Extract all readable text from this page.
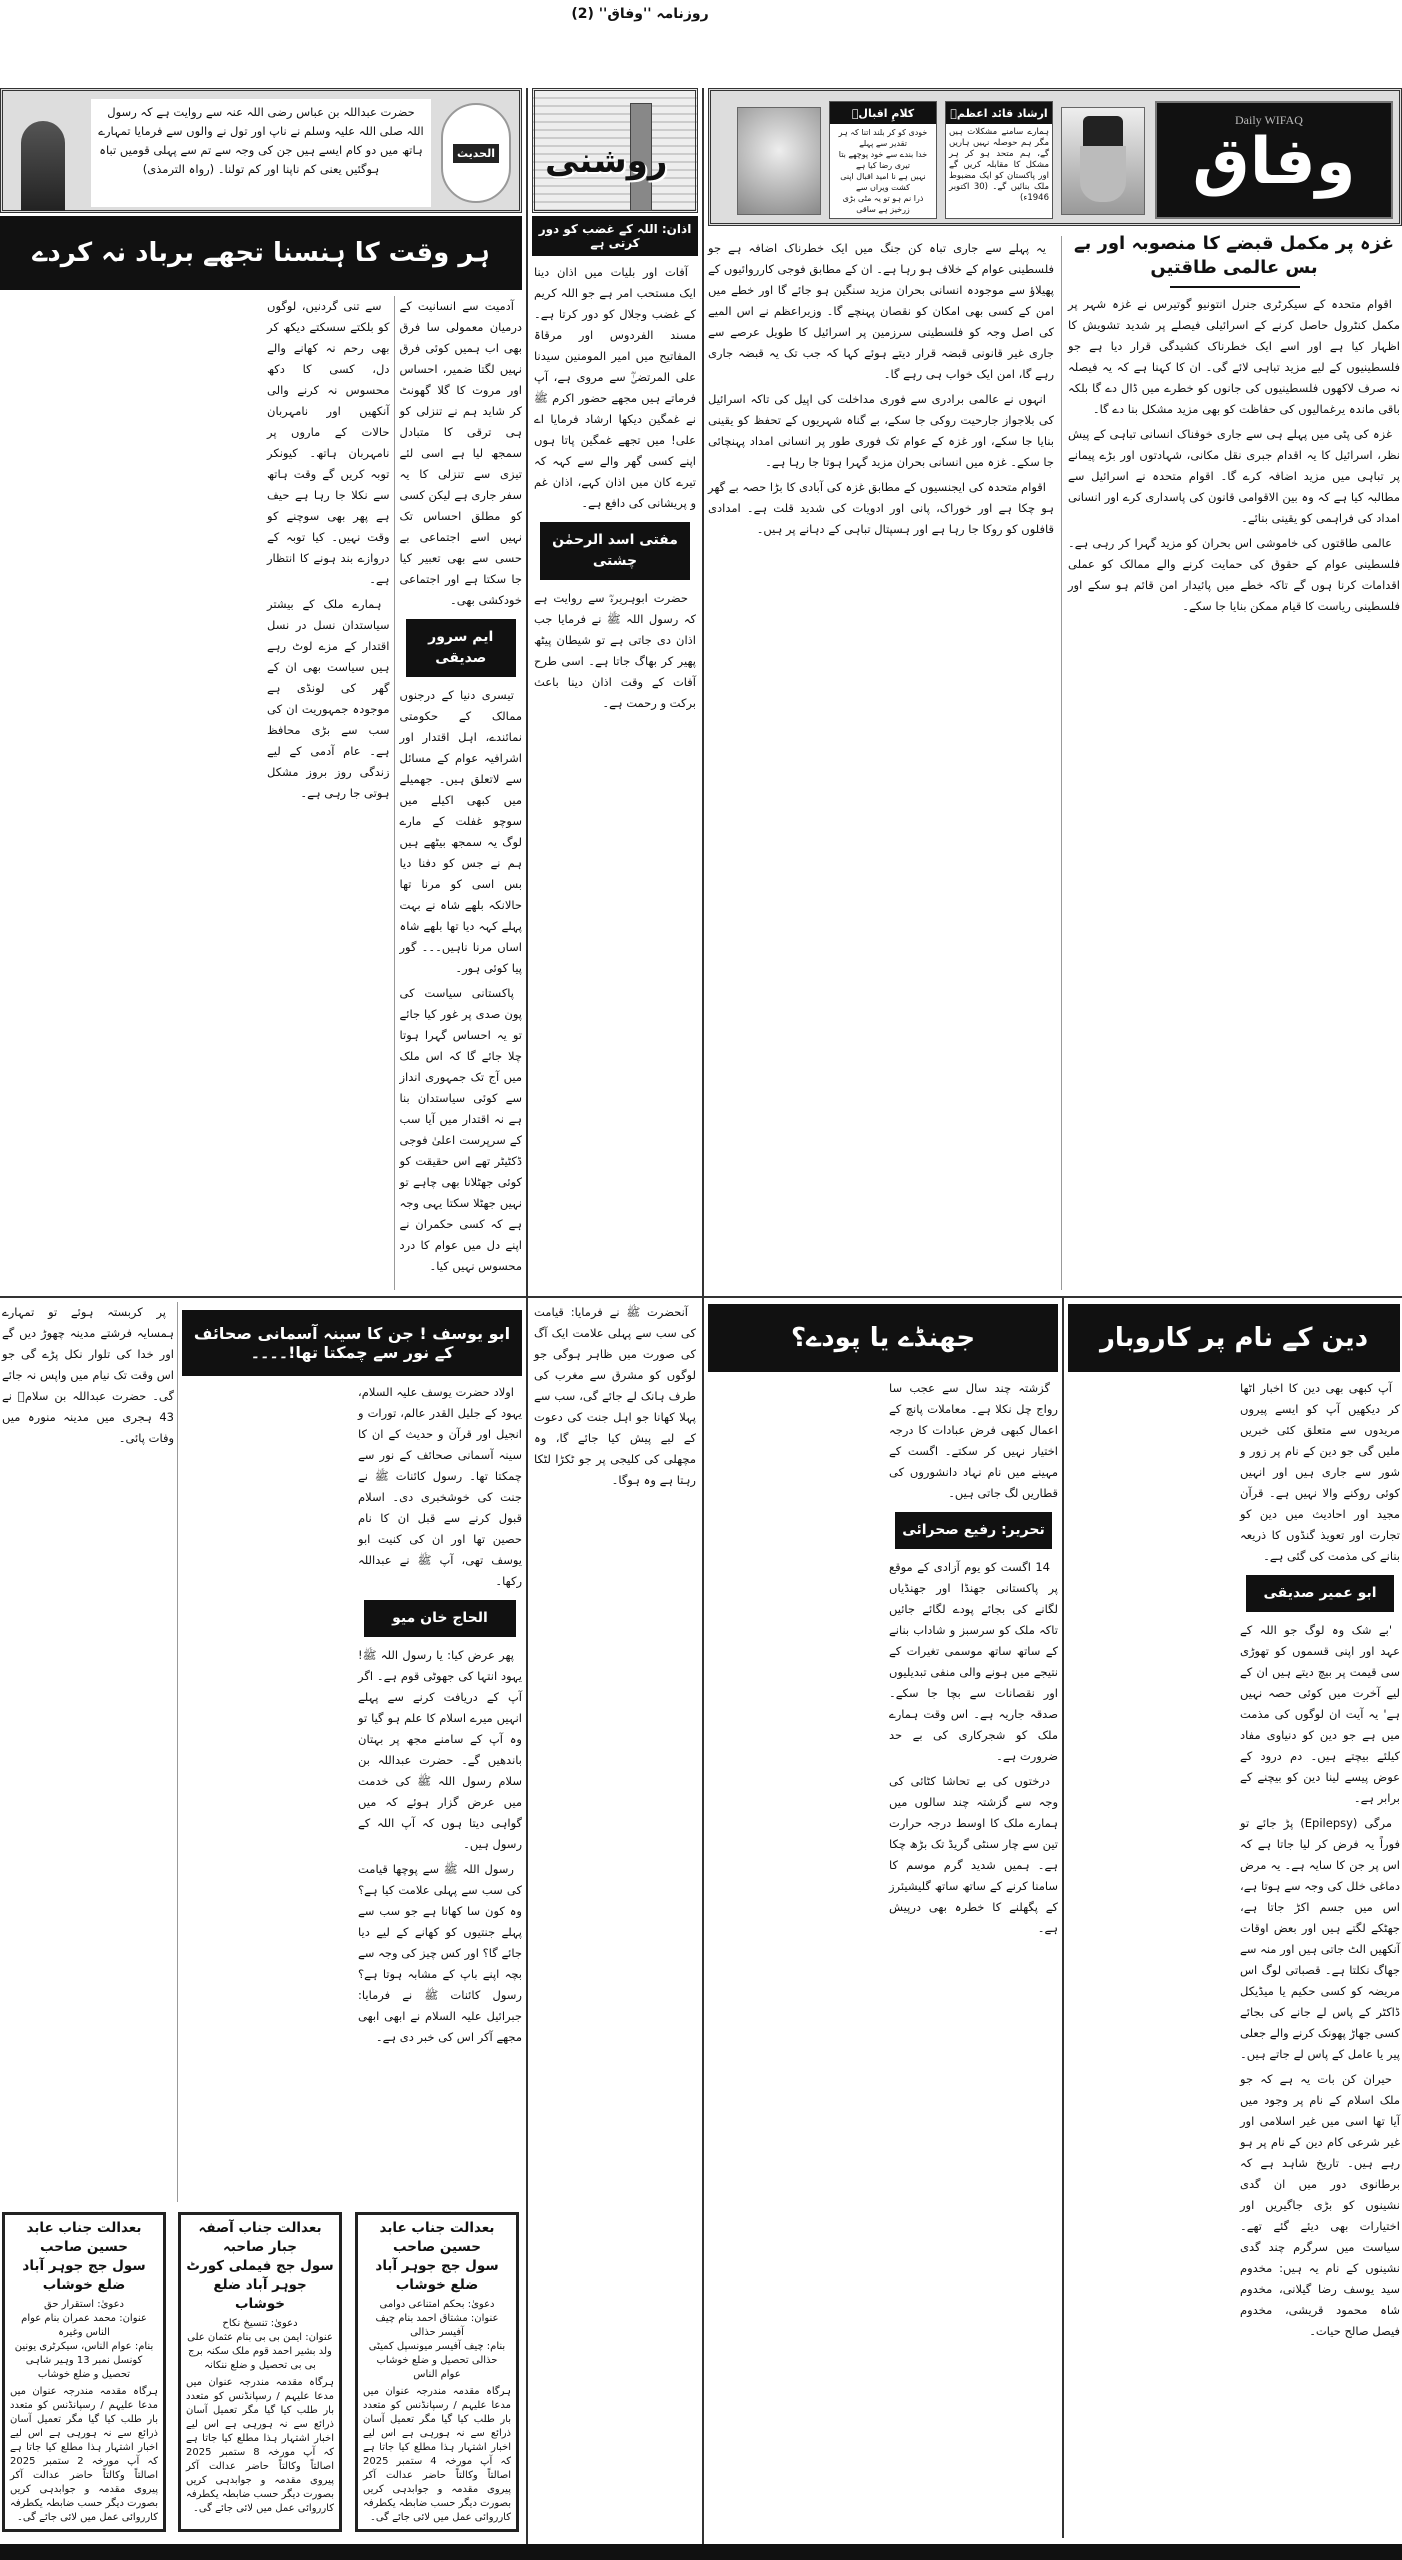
روزنامہ ''وفاق'' (2)
Daily WIFAQ
وفاق
ارشاد قائد اعظمؒ
ہمارے سامنے مشکلات ہیں مگر ہم حوصلہ نہیں ہاریں گے، ہم متحد ہو کر ہر مشکل کا مقابلہ کریں گے اور پاکستان کو ایک مضبوط ملک بنائیں گے۔ (30 اکتوبر 1946ء)
کلامِ اقبالؒ
خودی کو کر بلند اتنا کہ ہر تقدیر سے پہلے
خدا بندے سے خود پوچھے بتا تیری رضا کیا ہے
نہیں ہے نا امید اقبال اپنی کشت ویراں سے
ذرا نم ہو تو یہ مٹی بڑی زرخیز ہے ساقی
روشنی
الحدیث
حضرت عبداللہ بن عباس رضی اللہ عنہ سے روایت ہے کہ رسول اللہ صلی اللہ علیہ وسلم نے ناپ اور تول نے والوں سے فرمایا تمہارے ہاتھ میں دو کام ایسے ہیں جن کی وجہ سے تم سے پہلی قومیں تباہ ہوگئیں یعنی کم ناپنا اور کم تولنا۔ (رواہ الترمذی)
ہر وقت کا ہنسنا تجھے برباد نہ کردے

آدمیت سے انسانیت کے درمیان معمولی سا فرق بھی اب ہمیں کوئی فرق نہیں لگتا ضمیر، احساس اور مروت کا گلا گھونٹ کر شاید ہم نے تنزلی کو ہی ترقی کا متبادل سمجھ لیا ہے اسی لئے تیزی سے تنزلی کا یہ سفر جاری ہے لیکن کسی کو مطلق احساس تک نہیں اسے اجتماعی بے حسی سے بھی تعبیر کیا جا سکتا ہے اور اجتماعی خودکشی بھی۔

ایم سرور صدیقی

تیسری دنیا کے درجنوں ممالک کے حکومتی نمائندے، اہل اقتدار اور اشرافیہ عوام کے مسائل سے لاتعلق ہیں۔ جھمیلے میں کبھی اکیلے میں سوچو غفلت کے مارے لوگ یہ سمجھ بیٹھے ہیں ہم نے جس کو دفنا دیا بس اسی کو مرنا تھا حالانکہ بلھے شاہ نے بہت پہلے کہہ دیا تھا بلھے شاہ اساں مرنا ناہیں۔۔۔ گور پیا کوئی ہور۔

پاکستانی سیاست کی پون صدی پر غور کیا جائے تو یہ احساس گہرا ہوتا چلا جائے گا کہ اس ملک میں آج تک جمہوری انداز سے کوئی سیاستدان بنا ہے نہ اقتدار میں آیا سب کے سرپرست اعلیٰ فوجی ڈکٹیٹر تھے اس حقیقت کو کوئی جھٹلانا بھی چاہے تو نہیں جھٹلا سکتا یہی وجہ ہے کہ کسی حکمران نے اپنے دل میں عوام کا درد محسوس نہیں کیا۔

سے تنی گردنیں، لوگوں کو بلکتے سسکتے دیکھ کر بھی رحم نہ کھانے والے دل، کسی کا دکھ محسوس نہ کرنے والی آنکھیں اور نامہربان حالات کے ماروں پر نامہربان ہاتھ۔ کیونکر توبہ کریں گے وقت ہاتھ سے نکلا جا رہا ہے حیف ہے پھر بھی سوچنے کو وقت نہیں۔ کیا توبہ کے دروازے بند ہونے کا انتظار ہے۔

ہمارے ملک کے بیشتر سیاستدان نسل در نسل اقتدار کے مزے لوٹ رہے ہیں سیاست بھی ان کے گھر کی لونڈی ہے موجودہ جمہوریت ان کی سب سے بڑی محافظ ہے۔ عام آدمی کے لیے زندگی روز بروز مشکل ہوتی جا رہی ہے۔

اذان: اللہ کے غضب کو دور کرتی ہے

آفات اور بلیات میں اذان دینا ایک مستحب امر ہے جو اللہ کریم کے غضب وجلال کو دور کرتا ہے۔ مسند الفردوس اور مرقاۃ المفاتیح میں امیر المومنین سیدنا علی المرتضیٰؓ سے مروی ہے، آپ فرماتے ہیں مجھے حضور اکرم ﷺ نے غمگین دیکھا ارشاد فرمایا اے علی! میں تجھے غمگین پاتا ہوں اپنے کسی گھر والے سے کہہ کہ تیرے کان میں اذان کہے، اذان غم و پریشانی کی دافع ہے۔

مفتی اسد الرحمٰن چشتی

حضرت ابوہریرہؓ سے روایت ہے کہ رسول اللہ ﷺ نے فرمایا جب اذان دی جاتی ہے تو شیطان پیٹھ پھیر کر بھاگ جاتا ہے۔ اسی طرح آفات کے وقت اذان دینا باعث برکت و رحمت ہے۔

غزہ پر مکمل قبضے کا منصوبہ اور بے بس عالمی طاقتیں

اقوام متحدہ کے سیکرٹری جنرل انتونیو گوتیرس نے غزہ شہر پر مکمل کنٹرول حاصل کرنے کے اسرائیلی فیصلے پر شدید تشویش کا اظہار کیا ہے اور اسے ایک خطرناک کشیدگی قرار دیا ہے جو فلسطینیوں کے لیے مزید تباہی لائے گی۔ ان کا کہنا ہے کہ یہ فیصلہ نہ صرف لاکھوں فلسطینیوں کی جانوں کو خطرے میں ڈال دے گا بلکہ باقی ماندہ یرغمالیوں کی حفاظت کو بھی مزید مشکل بنا دے گا۔

غزہ کی پٹی میں پہلے ہی سے جاری خوفناک انسانی تباہی کے پیش نظر، اسرائیل کا یہ اقدام جبری نقل مکانی، شہادتوں اور بڑے پیمانے پر تباہی میں مزید اضافہ کرے گا۔ اقوام متحدہ نے اسرائیل سے مطالبہ کیا ہے کہ وہ بین الاقوامی قانون کی پاسداری کرے اور انسانی امداد کی فراہمی کو یقینی بنائے۔

عالمی طاقتوں کی خاموشی اس بحران کو مزید گہرا کر رہی ہے۔ فلسطینی عوام کے حقوق کی حمایت کرنے والے ممالک کو عملی اقدامات کرنا ہوں گے تاکہ خطے میں پائیدار امن قائم ہو سکے اور فلسطینی ریاست کا قیام ممکن بنایا جا سکے۔

یہ پہلے سے جاری تباہ کن جنگ میں ایک خطرناک اضافہ ہے جو فلسطینی عوام کے خلاف ہو رہا ہے۔ ان کے مطابق فوجی کارروائیوں کے پھیلاؤ سے موجودہ انسانی بحران مزید سنگین ہو جائے گا اور خطے میں امن کے کسی بھی امکان کو نقصان پہنچے گا۔ وزیراعظم نے اس المیے کی اصل وجہ کو فلسطینی سرزمین پر اسرائیل کا طویل عرصے سے جاری غیر قانونی قبضہ قرار دیتے ہوئے کہا کہ جب تک یہ قبضہ جاری رہے گا، امن ایک خواب ہی رہے گا۔

انہوں نے عالمی برادری سے فوری مداخلت کی اپیل کی تاکہ اسرائیل کی بلاجواز جارحیت روکی جا سکے، بے گناہ شہریوں کے تحفظ کو یقینی بنایا جا سکے، اور غزہ کے عوام تک فوری طور پر انسانی امداد پہنچائی جا سکے۔ غزہ میں انسانی بحران مزید گہرا ہوتا جا رہا ہے۔

اقوام متحدہ کی ایجنسیوں کے مطابق غزہ کی آبادی کا بڑا حصہ بے گھر ہو چکا ہے اور خوراک، پانی اور ادویات کی شدید قلت ہے۔ امدادی قافلوں کو روکا جا رہا ہے اور ہسپتال تباہی کے دہانے پر ہیں۔

دین کے نام پر کاروبار

آپ کبھی بھی دین کا اخبار اٹھا کر دیکھیں آپ کو ایسے پیروں مریدوں سے متعلق کئی خبریں ملیں گی جو دین کے نام پر زور و شور سے جاری ہیں اور انہیں کوئی روکنے والا نہیں ہے۔ قرآن مجید اور احادیث میں دین کو تجارت اور تعویذ گنڈوں کا ذریعہ بنانے کی مذمت کی گئی ہے۔

ابو عمیر صدیقی

'بے شک وہ لوگ جو اللہ کے عہد اور اپنی قسموں کو تھوڑی سی قیمت پر بیچ دیتے ہیں ان کے لیے آخرت میں کوئی حصہ نہیں ہے' یہ آیت ان لوگوں کی مذمت میں ہے جو دین کو دنیاوی مفاد کیلئے بیچتے ہیں۔ دم درود کے عوض پیسے لینا دین کو بیچنے کے برابر ہے۔

مرگی (Epilepsy) پڑ جائے تو فوراً یہ فرض کر لیا جاتا ہے کہ اس پر جن کا سایہ ہے۔ یہ مرض دماغی خلل کی وجہ سے ہوتا ہے، اس میں جسم اکڑ جاتا ہے، جھٹکے لگتے ہیں اور بعض اوقات آنکھیں الٹ جاتی ہیں اور منہ سے جھاگ نکلتا ہے۔ قصباتی لوگ اس مریضہ کو کسی حکیم یا میڈیکل ڈاکٹر کے پاس لے جانے کی بجائے کسی جھاڑ پھونک کرنے والے جعلی پیر یا عامل کے پاس لے جاتے ہیں۔

حیران کن بات یہ ہے کہ جو ملک اسلام کے نام پر وجود میں آیا تھا اسی میں غیر اسلامی اور غیر شرعی کام دین کے نام پر ہو رہے ہیں۔ تاریخ شاہد ہے کہ برطانوی دور میں ان گدی نشینوں کو بڑی جاگیریں اور اختیارات بھی دیئے گئے تھے۔ سیاست میں سرگرم چند گدی نشینوں کے نام یہ ہیں: مخدوم سید یوسف رضا گیلانی، مخدوم شاہ محمود قریشی، مخدوم فیصل صالح حیات۔

جھنڈے یا پودے؟

گزشتہ چند سال سے عجب سا رواج چل نکلا ہے۔ معاملات پانچ کے اعمال کبھی فرض عبادات کا درجہ اختیار نہیں کر سکتے۔ اگست کے مہینے میں نام نہاد دانشوروں کی قطاریں لگ جاتی ہیں۔

تحریر: رفیع صحرائی

14 اگست کو یوم آزادی کے موقع پر پاکستانی جھنڈا اور جھنڈیاں لگانے کی بجائے پودے لگائے جائیں تاکہ ملک کو سرسبز و شاداب بنانے کے ساتھ ساتھ موسمی تغیرات کے نتیجے میں ہونے والی منفی تبدیلیوں اور نقصانات سے بچا جا سکے۔ صدقہ جاریہ ہے۔ اس وقت ہمارے ملک کو شجرکاری کی بے حد ضرورت ہے۔

درختوں کی بے تحاشا کٹائی کی وجہ سے گزشتہ چند سالوں میں ہمارے ملک کا اوسط درجہ حرارت تین سے چار سنٹی گریڈ تک بڑھ چکا ہے۔ ہمیں شدید گرم موسم کا سامنا کرنے کے ساتھ ساتھ گلیشیئرز کے پگھلنے کا خطرہ بھی درپیش ہے۔

ابو یوسف ! جن کا سینہ آسمانی صحائف کے نور سے چمکتا تھا!۔۔۔۔

آنحضرت ﷺ نے فرمایا: قیامت کی سب سے پہلی علامت ایک آگ کی صورت میں ظاہر ہوگی جو لوگوں کو مشرق سے مغرب کی طرف ہانک لے جائے گی، سب سے پہلا کھانا جو اہل جنت کی دعوت کے لیے پیش کیا جائے گا، وہ مچھلی کی کلیجی پر جو ٹکڑا لٹکا رہتا ہے وہ ہوگا۔

اولاد حضرت یوسف علیہ السلام، یہود کے جلیل القدر عالم، تورات و انجیل اور قرآن و حدیث کے ان کا سینہ آسمانی صحائف کے نور سے چمکتا تھا۔ رسول کائنات ﷺ نے جنت کی خوشخبری دی۔ اسلام قبول کرنے سے قبل ان کا نام حصین تھا اور ان کی کنیت ابو یوسف تھی، آپ ﷺ نے عبداللہ رکھا۔

الحاج خان میو

پھر عرض کیا: یا رسول اللہ ﷺ! یہود انتہا کی جھوٹی قوم ہے۔ اگر آپ کے دریافت کرنے سے پہلے انہیں میرے اسلام کا علم ہو گیا تو وہ آپ کے سامنے مجھ پر بہتان باندھیں گے۔ حضرت عبداللہ بن سلام رسول اللہ ﷺ کی خدمت میں عرض گزار ہوئے کہ میں گواہی دیتا ہوں کہ آپ اللہ کے رسول ہیں۔

رسول اللہ ﷺ سے پوچھا قیامت کی سب سے پہلی علامت کیا ہے؟ وہ کون سا کھانا ہے جو سب سے پہلے جنتیوں کو کھانے کے لیے دیا جائے گا؟ اور کس چیز کی وجہ سے بچہ اپنے باپ کے مشابہ ہوتا ہے؟ رسول کائنات ﷺ نے فرمایا: جبرائیل علیہ السلام نے ابھی ابھی مجھے آکر اس کی خبر دی ہے۔

پر کربستہ ہوئے تو تمہارے ہمسایہ فرشتے مدینہ چھوڑ دیں گے اور خدا کی تلوار نکل پڑے گی جو اس وقت تک نیام میں واپس نہ جائے گی۔ حضرت عبداللہ بن سلامؓ نے 43 ہجری میں مدینہ منورہ میں وفات پائی۔

بعدالت جناب عابد حسین صاحب
سول جج جوہر آباد ضلع خوشاب
دعویٰ: بحکم امتناعی دوامی
عنوان: مشتاق احمد بنام چیف آفیسر حذالی
بنام: چیف آفیسر میونسپل کمیٹی حذالی تحصیل و ضلع خوشاب
عوام الناس
ہرگاہ مقدمہ مندرجہ عنوان میں مدعا علیہم / رسپانڈنس کو متعدد بار طلب کیا گیا مگر تعمیل آسان ذرائع سے نہ ہورہی ہے اس لیے اخبار اشتہار ہذا مطلع کیا جاتا ہے کہ آپ مورخہ 4 ستمبر 2025 اصالتاً وکالتاً حاضر عدالت آکر پیروی مقدمہ و جوابدہی کریں بصورت دیگر حسب ضابطہ یکطرفہ کارروائی عمل میں لائی جائے گی۔
بعدالت جناب آصفہ جبار صاحبہ
سول جج فیملی کورٹ جوہر آباد ضلع خوشاب
دعویٰ: تنسیخ نکاح
عنوان: ایمن بی بی بنام عثمان علی ولد بشیر احمد قوم ملک سکنہ برج بی بی تحصیل و ضلع ننکانہ
ہرگاہ مقدمہ مندرجہ عنوان میں مدعا علیہم / رسپانڈنس کو متعدد بار طلب کیا گیا مگر تعمیل آسان ذرائع سے نہ ہورہی ہے اس لیے اخبار اشتہار ہذا مطلع کیا جاتا ہے کہ آپ مورخہ 8 ستمبر 2025 اصالتاً وکالتاً حاضر عدالت آکر پیروی مقدمہ و جوابدہی کریں بصورت دیگر حسب ضابطہ یکطرفہ کارروائی عمل میں لائی جائے گی۔
بعدالت جناب عابد حسین صاحب
سول جج جوہر آباد ضلع خوشاب
دعویٰ: استقرار حق
عنوان: محمد عمران بنام عوام الناس وغیرہ
بنام: عوام الناس، سیکرٹری یونین کونسل نمبر 13 وہیر شاہی تحصیل و ضلع خوشاب
ہرگاہ مقدمہ مندرجہ عنوان میں مدعا علیہم / رسپانڈنس کو متعدد بار طلب کیا گیا مگر تعمیل آسان ذرائع سے نہ ہورہی ہے اس لیے اخبار اشتہار ہذا مطلع کیا جاتا ہے کہ آپ مورخہ 2 ستمبر 2025 اصالتاً وکالتاً حاضر عدالت آکر پیروی مقدمہ و جوابدہی کریں بصورت دیگر حسب ضابطہ یکطرفہ کارروائی عمل میں لائی جائے گی۔
